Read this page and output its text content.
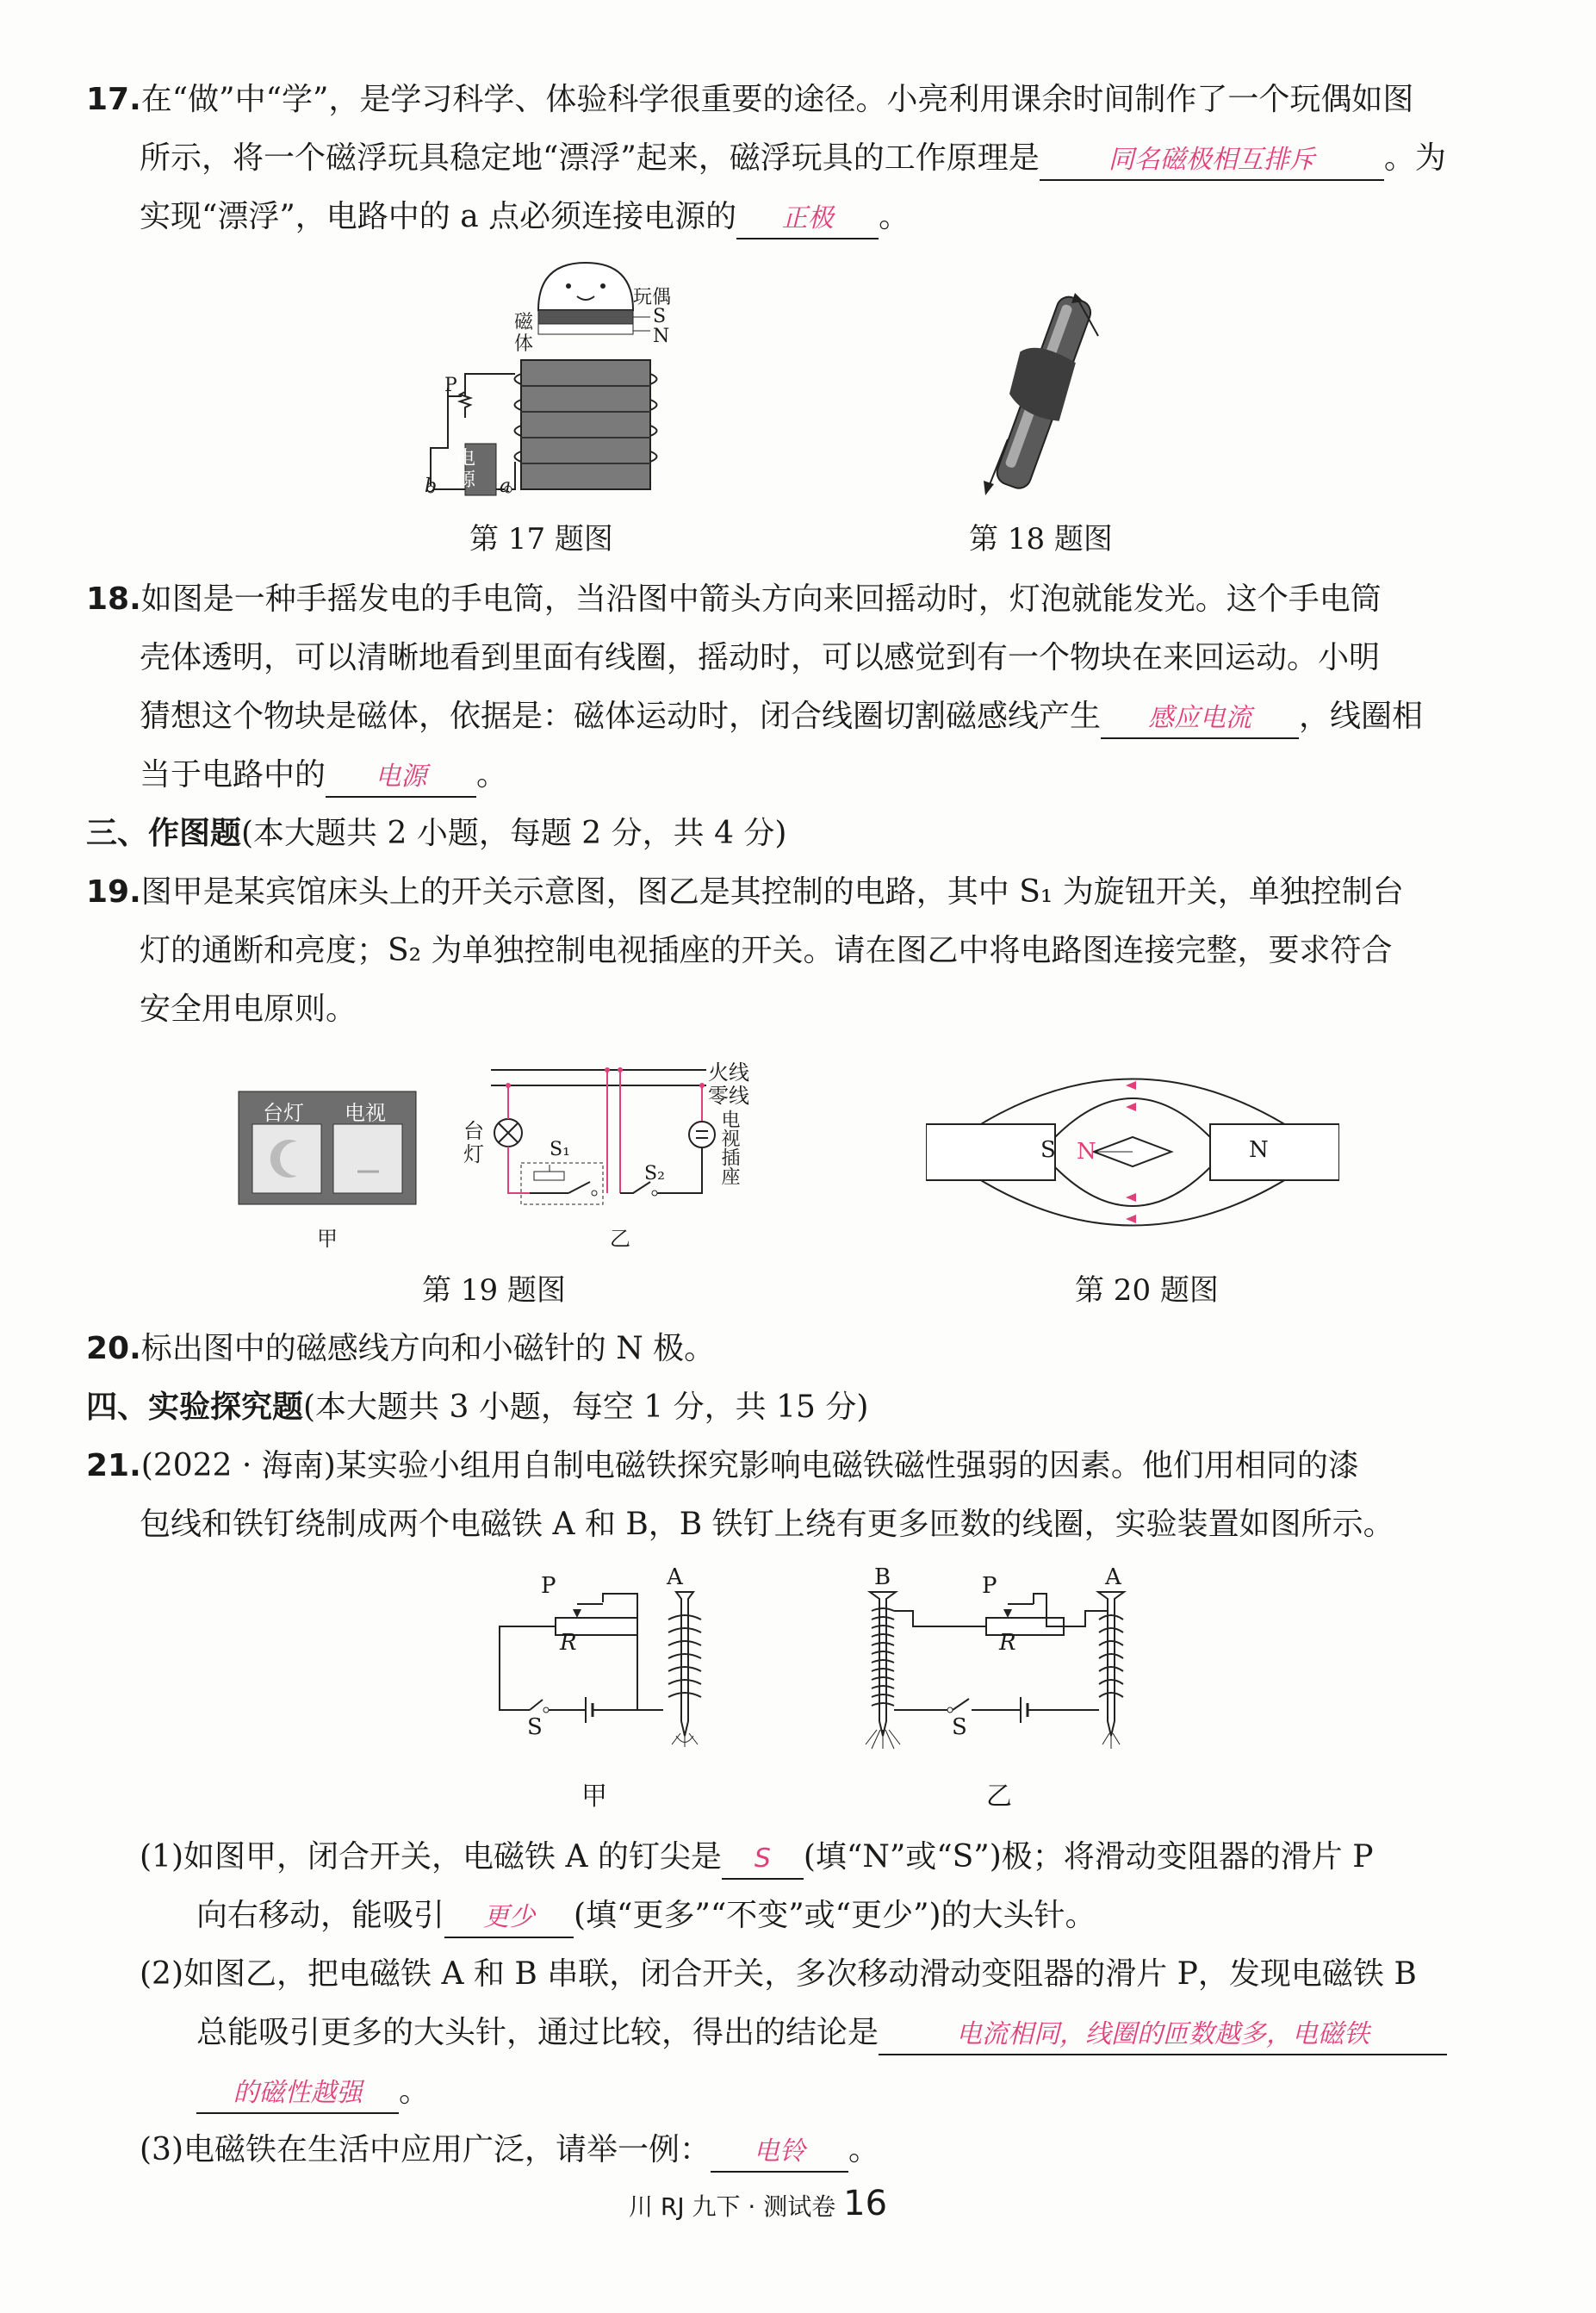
17.在“做”中“学”，是学习科学、体验科学很重要的途径。小亮利用课余时间制作了一个玩偶如图
所示，将一个磁浮玩具稳定地“漂浮”起来，磁浮玩具的工作原理是	同名磁极相互排斥 。为
实现“漂浮”，电路中的 a 点必须连接电源的 正极 。
玩偶
S
N
磁
体
P
电
源
b	a
第 17 题图	第 18 题图
18.如图是一种手摇发电的手电筒，当沿图中箭头方向来回摇动时，灯泡就能发光。这个手电筒
壳体透明，可以清晰地看到里面有线圈，摇动时，可以感觉到有一个物块在来回运动。小明
猜想这个物块是磁体，依据是：磁体运动时，闭合线圈切割磁感线产生 感应电流 ，线圈相
当于电路中的 电源 。
三、作图题(本大题共 2 小题，每题 2 分，共 4 分)
19.图甲是某宾馆床头上的开关示意图，图乙是其控制的电路，其中 S₁ 为旋钮开关，单独控制台
灯的通断和亮度；S₂ 为单独控制电视插座的开关。请在图乙中将电路图连接完整，要求符合
安全用电原则。
台灯 电视
甲
火线
零线
台
灯	S₁
S₂	电视插座
乙
第 19 题图
S N	N
第 20 题图
20.标出图中的磁感线方向和小磁针的 N 极。
四、实验探究题(本大题共 3 小题，每空 1 分，共 15 分)
21.(2022 · 海南)某实验小组用自制电磁铁探究影响电磁铁磁性强弱的因素。他们用相同的漆
包线和铁钉绕制成两个电磁铁 A 和 B，B 铁钉上绕有更多匝数的线圈，实验装置如图所示。
P
R
S
A
甲
B	P
R
S
A
乙
(1)如图甲，闭合开关，电磁铁 A 的钉尖是 S (填“N”或“S”)极；将滑动变阻器的滑片 P
向右移动，能吸引 更少 (填“更多”“不变”或“更少”)的大头针。
(2)如图乙，把电磁铁 A 和 B 串联，闭合开关，多次移动滑动变阻器的滑片 P，发现电磁铁 B
总能吸引更多的大头针，通过比较，得出的结论是	电流相同，线圈的匝数越多，电磁铁
的磁性越强 。
(3)电磁铁在生活中应用广泛，请举一例： 电铃 。
川 RJ 九下 · 测试卷 16
